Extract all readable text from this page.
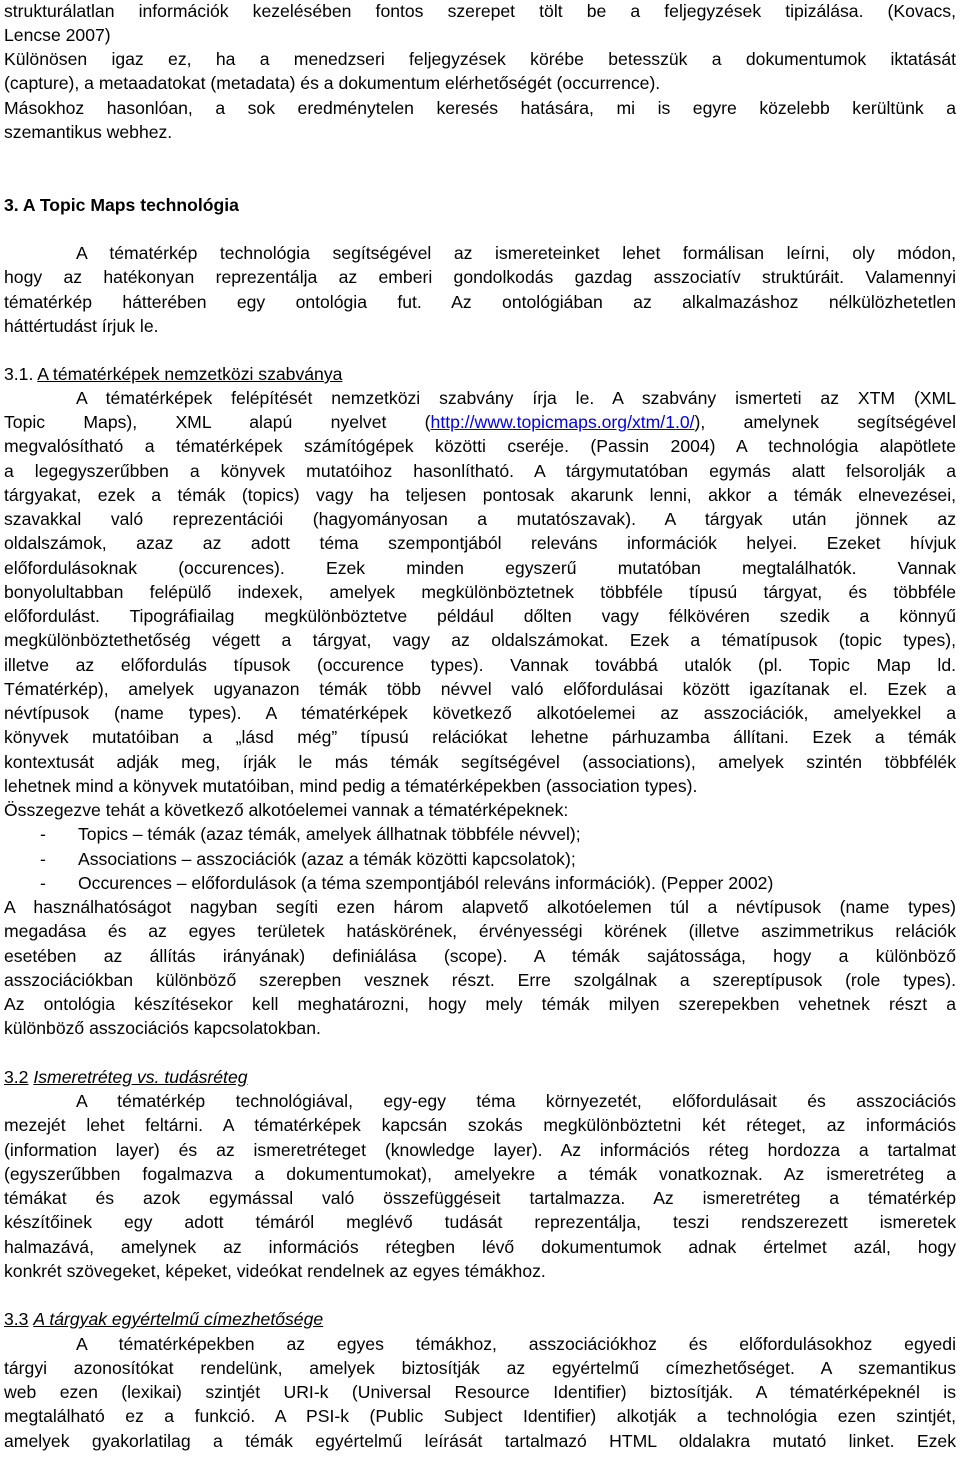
strukturálatlan információk kezelésében fontos szerepet tölt be a feljegyzések tipizálása. (Kovacs,
Lencse 2007)
Különösen igaz ez, ha a menedzseri feljegyzések körébe betesszük a dokumentumok iktatását
(capture), a metaadatokat (metadata) és a dokumentum elérhetőségét (occurrence).
Másokhoz hasonlóan, a sok eredménytelen keresés hatására, mi is egyre közelebb kerültünk a
szemantikus webhez.
3. A Topic Maps technológia
A tématérkép technológia segítségével az ismereteinket lehet formálisan leírni, oly módon,
hogy az hatékonyan reprezentálja az emberi gondolkodás gazdag asszociatív struktúráit. Valamennyi
tématérkép hátterében egy ontológia fut. Az ontológiában az alkalmazáshoz nélkülözhetetlen
háttértudást írjuk le.
3.1. A tématérképek nemzetközi szabványa
A tématérképek felépítését nemzetközi szabvány írja le. A szabvány ismerteti az XTM (XML
Topic Maps), XML alapú nyelvet (http://www.topicmaps.org/xtm/1.0/), amelynek segítségével
megvalósítható a tématérképek számítógépek közötti cseréje. (Passin 2004) A technológia alapötlete
a legegyszerűbben a könyvek mutatóihoz hasonlítható. A tárgymutatóban egymás alatt felsorolják a
tárgyakat, ezek a témák (topics) vagy ha teljesen pontosak akarunk lenni, akkor a témák elnevezései,
szavakkal való reprezentációi (hagyományosan a mutatószavak). A tárgyak után jönnek az
oldalszámok, azaz az adott téma szempontjából releváns információk helyei. Ezeket hívjuk
előfordulásoknak (occurences). Ezek minden egyszerű mutatóban megtalálhatók. Vannak
bonyolultabban felépülő indexek, amelyek megkülönböztetnek többféle típusú tárgyat, és többféle
előfordulást. Tipográfiailag megkülönböztetve például dőlten vagy félkövéren szedik a könnyű
megkülönböztethetőség végett a tárgyat, vagy az oldalszámokat. Ezek a tématípusok (topic types),
illetve az előfordulás típusok (occurence types). Vannak továbbá utalók (pl. Topic Map ld.
Tématérkép), amelyek ugyanazon témák több névvel való előfordulásai között igazítanak el. Ezek a
névtípusok (name types). A tématérképek következő alkotóelemei az asszociációk, amelyekkel a
könyvek mutatóiban a „lásd még” típusú relációkat lehetne párhuzamba állítani. Ezek a témák
kontextusát adják meg, írják le más témák segítségével (associations), amelyek szintén többfélék
lehetnek mind a könyvek mutatóiban, mind pedig a tématérképekben (association types).
Összegezve tehát a következő alkotóelemei vannak a tématérképeknek:
- Topics – témák (azaz témák, amelyek állhatnak többféle névvel);
- Associations – asszociációk (azaz a témák közötti kapcsolatok);
- Occurences – előfordulások (a téma szempontjából releváns információk). (Pepper 2002)
A használhatóságot nagyban segíti ezen három alapvető alkotóelemen túl a névtípusok (name types)
megadása és az egyes területek hatáskörének, érvényességi körének (illetve aszimmetrikus relációk
esetében az állítás irányának) definiálása (scope). A témák sajátossága, hogy a különböző
asszociációkban különböző szerepben vesznek részt. Erre szolgálnak a szereptípusok (role types).
Az ontológia készítésekor kell meghatározni, hogy mely témák milyen szerepekben vehetnek részt a
különböző asszociációs kapcsolatokban.
3.2 Ismeretréteg vs. tudásréteg
A tématérkép technológiával, egy-egy téma környezetét, előfordulásait és asszociációs
mezejét lehet feltárni. A tématérképek kapcsán szokás megkülönböztetni két réteget, az információs
(information layer) és az ismeretréteget (knowledge layer). Az információs réteg hordozza a tartalmat
(egyszerűbben fogalmazva a dokumentumokat), amelyekre a témák vonatkoznak. Az ismeretréteg a
témákat és azok egymással való összefüggéseit tartalmazza. Az ismeretréteg a tématérkép
készítőinek egy adott témáról meglévő tudását reprezentálja, teszi rendszerezett ismeretek
halmazává, amelynek az információs rétegben lévő dokumentumok adnak értelmet azál, hogy
konkrét szövegeket, képeket, videókat rendelnek az egyes témákhoz.
3.3 A tárgyak egyértelmű címezhetősége
A tématérképekben az egyes témákhoz, asszociációkhoz és előfordulásokhoz egyedi
tárgyi azonosítókat rendelünk, amelyek biztosítják az egyértelmű címezhetőséget. A szemantikus
web ezen (lexikai) szintjét URI-k (Universal Resource Identifier) biztosítják. A tématérképeknél is
megtalálható ez a funkció. A PSI-k (Public Subject Identifier) alkotják a technológia ezen szintjét,
amelyek gyakorlatilag a témák egyértelmű leírását tartalmazó HTML oldalakra mutató linket. Ezek
